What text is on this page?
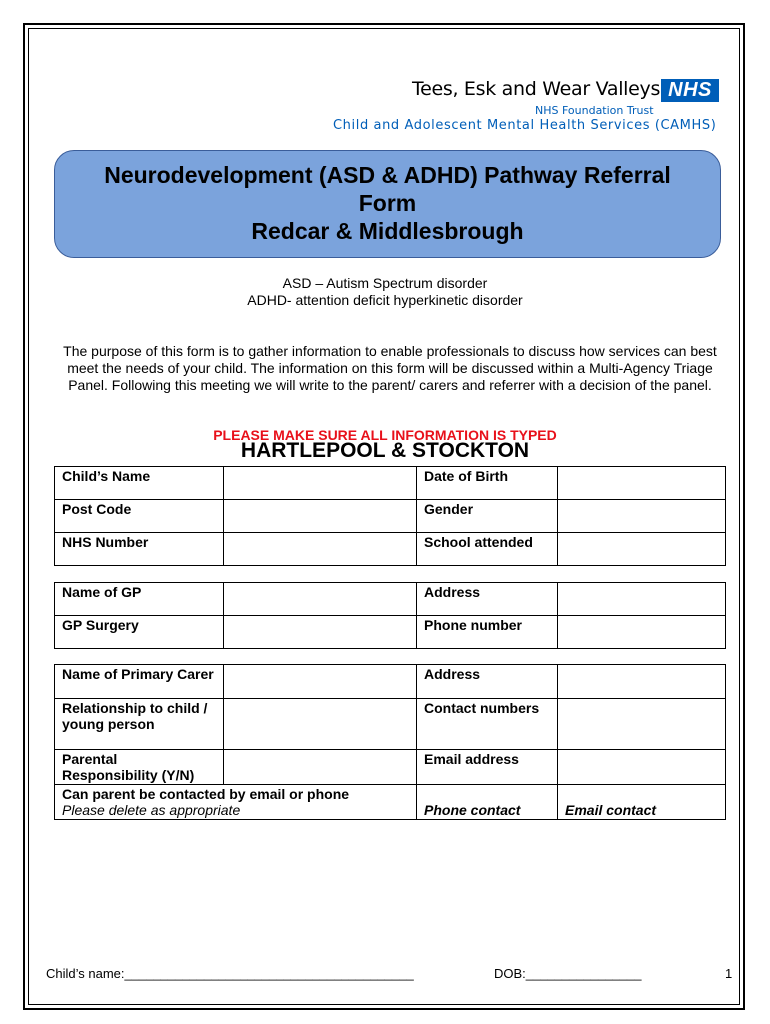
Tees, Esk and Wear Valleys NHS
NHS Foundation Trust
Child and Adolescent Mental Health Services (CAMHS)
Neurodevelopment (ASD & ADHD) Pathway Referral
Form
Redcar & Middlesbrough
ASD – Autism Spectrum disorder
ADHD- attention deficit hyperkinetic disorder
The purpose of this form is to gather information to enable professionals to discuss how services can best meet the needs of your child. The information on this form will be discussed within a Multi-Agency Triage Panel. Following this meeting we will write to the parent/ carers and referrer with a decision of the panel.
PLEASE MAKE SURE ALL INFORMATION IS TYPED
HARTLEPOOL & STOCKTON
Child’s Name		Date of Birth	
Post Code		Gender	
NHS Number		School attended	
Name of GP		Address	
GP Surgery		Phone number	
Name of Primary Carer		Address	
Relationship to child / young person		Contact numbers	
Parental Responsibility (Y/N)		Email address	

Can parent be contacted by email or phone
Please delete as appropriate		Phone contact	Email contact
Child’s name:________________________________________	DOB:________________	1
